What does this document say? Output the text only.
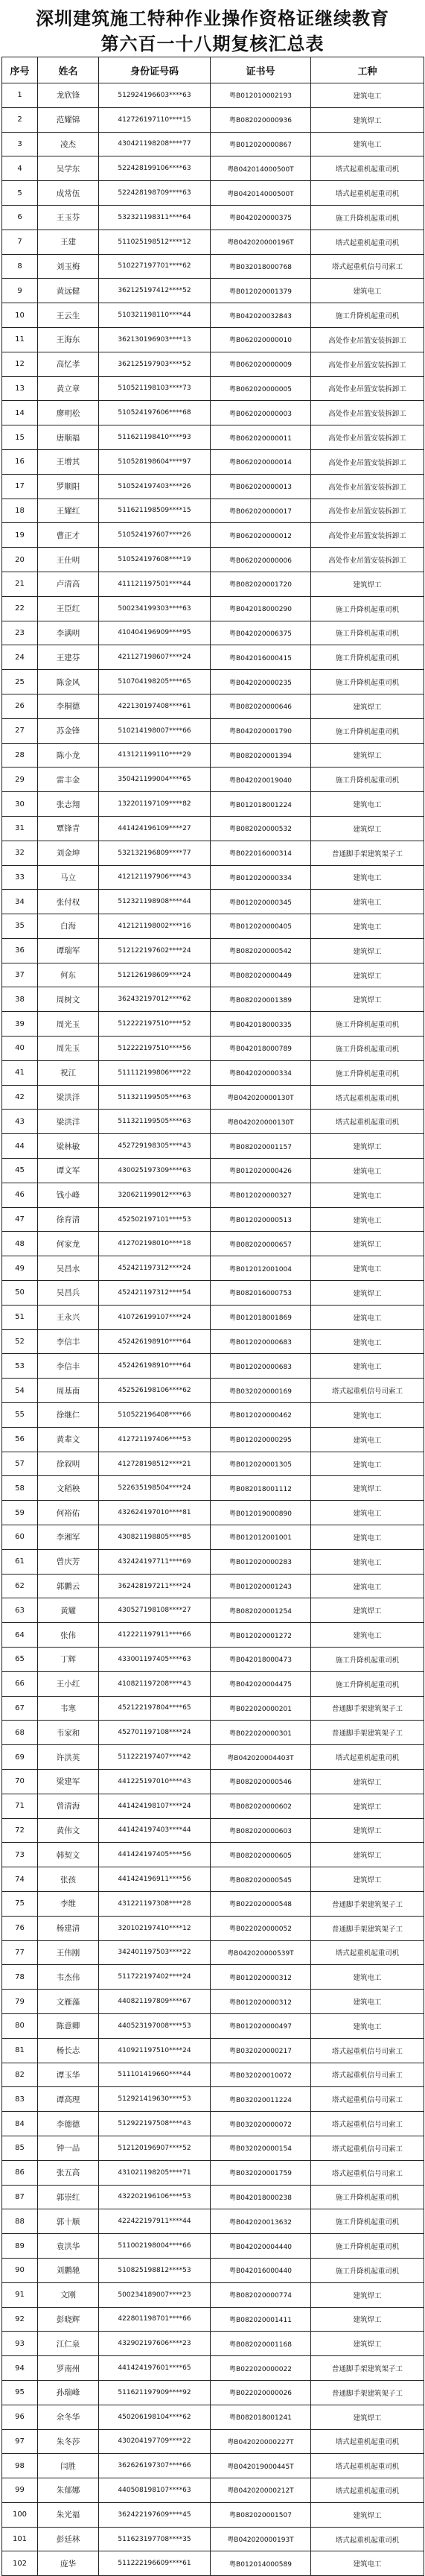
深圳建筑施工特种作业操作资格证继续教育
第六百一十八期复核汇总表
序号	姓名	身份证号码	证书号	工种
1	龙欣锋	512924196603****63	粤B012010002193	建筑电工
2	范耀锦	412726197110****15	粤B082020000936	建筑焊工
3	凌杰	430421198208****77	粤B012020000867	建筑电工
4	吴学东	522428199106****63	粤B042014000500T	塔式起重机起重司机
5	成常伍	522428198709****63	粤B042014000500T	塔式起重机起重司机
6	王玉芬	532321198311****64	粤B042020000375	施工升降机起重司机
7	王建	511025198512****12	粤B042020000196T	塔式起重机起重司机
8	刘玉梅	510227197701****62	粤B032018000768	塔式起重机信号司索工
9	黄远健	362125197412****52	粤B012020001379	建筑电工
10	王云生	510321198110****44	粤B042020032843	施工升降机起重司机
11	王海东	362130196903****13	粤B062020000010	高处作业吊篮安装拆卸工
12	高忆孝	362125197903****52	粤B062020000009	高处作业吊篮安装拆卸工
13	黄立章	510521198103****73	粤B062020000005	高处作业吊篮安装拆卸工
14	廖明松	510524197606****68	粤B062020000003	高处作业吊篮安装拆卸工
15	唐顺福	511621198410****93	粤B062020000011	高处作业吊篮安装拆卸工
16	王增其	510528198604****97	粤B062020000014	高处作业吊篮安装拆卸工
17	罗顺阳	510524197403****26	粤B062020000013	高处作业吊篮安装拆卸工
18	王耀红	511621198509****15	粤B062020000017	高处作业吊篮安装拆卸工
19	曹正才	510524197607****26	粤B062020000012	高处作业吊篮安装拆卸工
20	王仕明	510524197608****19	粤B062020000006	高处作业吊篮安装拆卸工
21	卢清高	411121197501****44	粤B082020001720	建筑焊工
22	王臣红	500234199303****63	粤B042018000290	施工升降机起重司机
23	李满明	410404196909****95	粤B042020006375	施工升降机起重司机
24	王建芬	421127198607****24	粤B042016000415	施工升降机起重司机
25	陈金风	510704198205****65	粤B042020000235	施工升降机起重司机
26	李桐德	422130197408****61	粤B082020000646	建筑焊工
27	苏金锋	510214198007****66	粤B042020001790	施工升降机起重司机
28	陈小龙	413121199110****29	粤B082020001394	建筑焊工
29	雷丰金	350421199004****65	粤B042020019040	施工升降机起重司机
30	张志翔	132201197109****82	粤B012018001224	建筑电工
31	覃锋青	441424196109****27	粤B082020000532	建筑焊工
32	刘金坤	532132196809****77	粤B022016000314	普通脚手架建筑架子工
33	马立	412121197906****43	粤B012020000334	建筑电工
34	张付权	512321198908****44	粤B012020000345	建筑电工
35	白海	412121198002****16	粤B012020000405	建筑电工
36	谭瑞军	512122197602****24	粤B082020000542	建筑焊工
37	何东	512126198609****24	粤B082020000449	建筑焊工
38	周树文	362432197012****62	粤B082020001389	建筑焊工
39	周光玉	512222197510****52	粤B042018000335	施工升降机起重司机
40	周先玉	512222197510****56	粤B042018000789	施工升降机起重司机
41	祝江	511112199806****22	粤B042020000334	施工升降机起重司机
42	梁洪洋	511321199505****63	粤B042020000130T	塔式起重机起重司机
43	梁洪洋	511321199505****63	粤B042020000130T	塔式起重机起重司机
44	梁林敏	452729198305****43	粤B082020001157	建筑焊工
45	谭文军	430025197309****63	粤B012020000426	建筑电工
46	钱小峰	320621199012****63	粤B012020000327	建筑电工
47	徐育清	452502197101****53	粤B012020000513	建筑电工
48	何家龙	412702198010****18	粤B082020000657	建筑焊工
49	吴昌水	452421197312****24	粤B012012001004	建筑电工
50	吴昌兵	452421197312****54	粤B082016000753	建筑焊工
51	王永兴	410726199107****24	粤B012018001869	建筑电工
52	李信丰	452426198910****64	粤B012020000683	建筑电工
53	李信丰	452426198910****64	粤B012020000683	建筑电工
54	周基南	452526198106****62	粤B032020000169	塔式起重机信号司索工
55	徐继仁	510522196408****66	粤B012020000462	建筑电工
56	黄辈文	412721197406****53	粤B012020000295	建筑电工
57	徐叙明	412728198512****21	粤B012020001305	建筑电工
58	文稻秧	522635198504****24	粤B082018001112	建筑焊工
59	何裕佑	432624197010****81	粤B012019000890	建筑电工
60	李湘军	430821198805****85	粤B012012001001	建筑电工
61	曾庆芳	432424197711****69	粤B012020000283	建筑电工
62	郭鹏云	362428197211****24	粤B012020001243	建筑电工
63	黄耀	430527198108****27	粤B082020001254	建筑焊工
64	张伟	412221197911****66	粤B012020001272	建筑电工
65	丁辉	433001197405****63	粤B042018000473	施工升降机起重司机
66	王小红	410821197208****43	粤B042020004475	施工升降机起重司机
67	韦寒	452122197804****65	粤B022020000201	普通脚手架建筑架子工
68	韦家和	452701197108****24	粤B022020000301	普通脚手架建筑架子工
69	许洪英	511222197407****42	粤B042020004403T	塔式起重机起重司机
70	梁建军	441225197010****43	粤B082020000546	建筑焊工
71	曾清海	441424198107****24	粤B082020000602	建筑焊工
72	黄伟文	441424197403****44	粤B082020000603	建筑焊工
73	韩契文	441424197405****56	粤B082020000605	建筑焊工
74	张孩	441424196911****56	粤B082020000545	建筑焊工
75	李维	431221197308****28	粤B022020000548	普通脚手架建筑架子工
76	杨建清	320102197410****12	粤B022020000052	普通脚手架建筑架子工
77	王伟刚	342401197503****22	粤B042020000539T	塔式起重机起重司机
78	韦杰伟	511722197402****24	粤B012020000312	建筑电工
79	文雁藻	440821197809****67	粤B012020000312	建筑电工
80	陈意卿	440523197008****53	粤B012020000497	建筑电工
81	杨长志	410921197510****24	粤B032020000217	塔式起重机信号司索工
82	谭玉华	511101419660****44	粤B032020010072	塔式起重机信号司索工
83	谭高理	512921419630****53	粤B032020011224	塔式起重机信号司索工
84	李德德	512922197508****43	粤B032020000072	塔式起重机信号司索工
85	钟一品	512120196907****52	粤B032020000154	塔式起重机信号司索工
86	张五高	431021198205****71	粤B032020001759	塔式起重机信号司索工
87	郭崇红	432202196106****53	粤B042018000238	施工升降机起重司机
88	郭十顺	422422197911****44	粤B042020013632	施工升降机起重司机
89	袁洪华	511002198004****66	粤B042020004440	施工升降机起重司机
90	刘鹏驰	510825198812****53	粤B042016000440	施工升降机起重司机
91	文刚	500234189007****23	粤B082020000774	建筑焊工
92	彭晓辉	422801198701****66	粤B082020001411	建筑焊工
93	江仁泉	432902197606****23	粤B082020001168	建筑焊工
94	罗南州	441424197601****65	粤B022020000022	普通脚手架建筑架子工
95	孙瑞峰	511621197909****92	粤B022020000026	普通脚手架建筑架子工
96	余冬华	450206198104****62	粤B082018001241	建筑焊工
97	朱冬莎	430204197709****22	粤B042020000227T	塔式起重机起重司机
98	闫胜	362626197307****66	粤B042019000445T	塔式起重机起重司机
99	朱郁娜	440508198107****63	粤B042020000212T	塔式起重机起重司机
100	朱光福	362422197609****45	粤B082020001507	建筑焊工
101	彭廷林	511623197708****35	粤B042020000193T	塔式起重机起重司机
102	庞华	511222196609****61	粤B012014000589	建筑电工
